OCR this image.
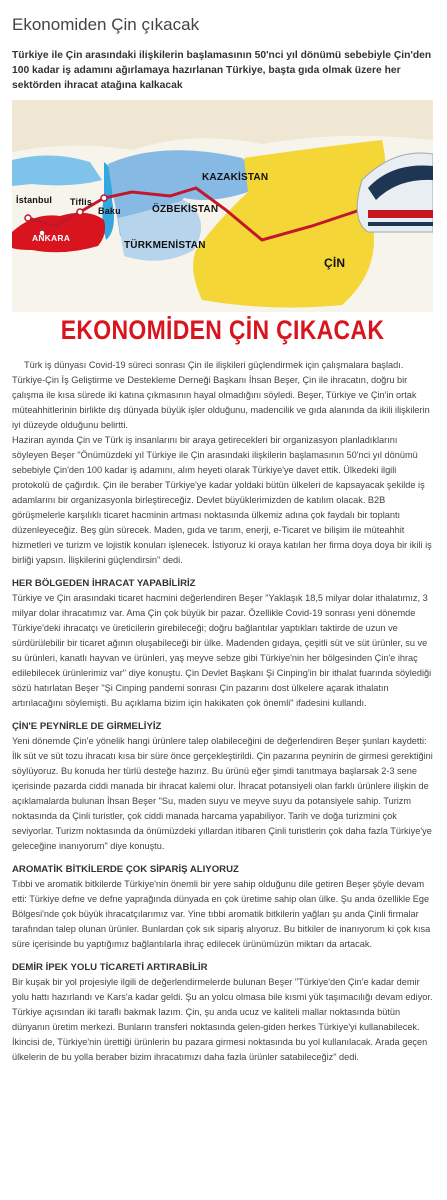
Ekonomiden Çin çıkacak
Türkiye ile Çin arasındaki ilişkilerin başlamasının 50'nci yıl dönümü sebebiyle Çin'den 100 kadar iş adamını ağırlamaya hazırlanan Türkiye, başta gıda olmak üzere her sektörden ihracat atağına kalkacak
İstanbul
ANKARA
Tiflis
Baku
KAZAKİSTAN
ÖZBEKİSTAN
TÜRKMENİSTAN
ÇİN
EKONOMİDEN ÇİN ÇIKACAK

Türk iş dünyası Covid-19 süreci sonrası Çin ile ilişkileri güçlendirmek için çalışmalara başladı. Türkiye-Çin İş Geliştirme ve Destekleme Derneği Başkanı İhsan Beşer, Çin ile ihracatın, doğru bir çalışma ile kısa sürede iki katına çıkmasının hayal olmadığını söyledi. Beşer, Türkiye ve Çin'in ortak müteahhitlerinin birlikte dış dünyada büyük işler olduğunu, madencilik ve gıda alanında da ikili ilişkilerin iyi düzeyde olduğunu belirtti.

Haziran ayında Çin ve Türk iş insanlarını bir araya getirecekleri bir organizasyon planladıklarını söyleyen Beşer "Önümüzdeki yıl Türkiye ile Çin arasındaki ilişkilerin başlamasının 50'nci yıl dönümü sebebiyle Çin'den 100 kadar iş adamını, alım heyeti olarak Türkiye'ye davet ettik. Ülkedeki ilgili protokolü de çağırdık. Çin ile beraber Türkiye'ye kadar yoldaki bütün ülkeleri de kapsayacak şekilde iş adamlarını bir organizasyonla birleştireceğiz. Devlet büyüklerimizden de katılım olacak. B2B görüşmelerle karşılıklı ticaret hacminin artması noktasında ülkemiz adına çok faydalı bir toplantı düzenleyeceğiz. Beş gün sürecek. Maden, gıda ve tarım, enerji, e-Ticaret ve bilişim ile müteahhit hizmetleri ve turizm ve lojistik konuları işlenecek. İstiyoruz ki oraya katılan her firma doya doya bir ikili iş birliği yapsın. İlişkilerini güçlendirsin" dedi.

HER BÖLGEDEN İHRACAT YAPABİLİRİZ

Türkiye ve Çin arasındaki ticaret hacmini değerlendiren Beşer "Yaklaşık 18,5 milyar dolar ithalatımız, 3 milyar dolar ihracatımız var. Ama Çin çok büyük bir pazar. Özellikle Covid-19 sonrası yeni dönemde Türkiye'deki ihracatçı ve üreticilerin girebileceği; doğru bağlantılar yaptıkları taktirde de uzun ve sürdürülebilir bir ticaret ağının oluşabileceği bir ülke. Madenden gıdaya, çeşitli süt ve süt ürünler, su ve su ürünleri, kanatlı hayvan ve ürünleri, yaş meyve sebze gibi Türkiye'nin her bölgesinden Çin'e ihraç edilebilecek ürünlerimiz var" diye konuştu. Çin Devlet Başkanı Şi Cinping'in bir ithalat fuarında söylediği sözü hatırlatan Beşer "Şi Cinping pandemi sonrası Çin pazarını dost ülkelere açarak ithalatın artırılacağını söylemişti. Bu açıklama bizim için hakikaten çok önemli" ifadesini kullandı.

ÇİN'E PEYNİRLE DE GİRMELİYİZ

Yeni dönemde Çin'e yönelik hangi ürünlere talep olabileceğini de değerlendiren Beşer şunları kaydetti: İlk süt ve süt tozu ihracatı kısa bir süre önce gerçekleştirildi. Çin pazarına peynirin de girmesi gerektiğini söylüyoruz. Bu konuda her türlü desteğe hazırız. Bu ürünü eğer şimdi tanıtmaya başlarsak 2-3 sene içerisinde pazarda ciddi manada bir ihracat kalemi olur. İhracat potansiyeli olan farklı ürünlere ilişkin de açıklamalarda bulunan İhsan Beşer "Su, maden suyu ve meyve suyu da potansiyele sahip. Turizm noktasında da Çinli turistler, çok ciddi manada harcama yapabiliyor. Tarih ve doğa turizmini çok seviyorlar. Turizm noktasında da önümüzdeki yıllardan itibaren Çinli turistlerin çok daha fazla Türkiye'ye geleceğine inanıyorum" diye konuştu.

AROMATİK BİTKİLERDE ÇOK SİPARİŞ ALIYORUZ

Tıbbi ve aromatik bitkilerde Türkiye'nin önemli bir yere sahip olduğunu dile getiren Beşer şöyle devam etti: Türkiye defne ve defne yaprağında dünyada en çok üretime sahip olan ülke. Şu anda özellikle Ege Bölgesi'nde çok büyük ihracatçılarımız var. Yine tıbbi aromatik bitkilerin yağları şu anda Çinli firmalar tarafından talep olunan ürünler. Bunlardan çok sık sipariş alıyoruz. Bu bitkiler de inanıyorum ki çok kısa süre içerisinde bu yaptığımız bağlantılarla ihraç edilecek ürünümüzün miktarı da artacak.

DEMİR İPEK YOLU TİCARETİ ARTIRABİLİR

Bir kuşak bir yol projesiyle ilgili de değerlendirmelerde bulunan Beşer "Türkiye'den Çin'e kadar demir yolu hattı hazırlandı ve Kars'a kadar geldi. Şu an yolcu olmasa bile kısmi yük taşımacılığı devam ediyor. Türkiye açısından iki taraflı bakmak lazım. Çin, şu anda ucuz ve kaliteli mallar noktasında bütün dünyanın üretim merkezi. Bunların transferi noktasında gelen-giden herkes Türkiye'yi kullanabilecek. İkincisi de, Türkiye'nin ürettiği ürünlerin bu pazara girmesi noktasında bu yol kullanılacak. Arada geçen ülkelerin de bu yolla beraber bizim ihracatımızı daha fazla ürünler satabileceğiz" dedi.
